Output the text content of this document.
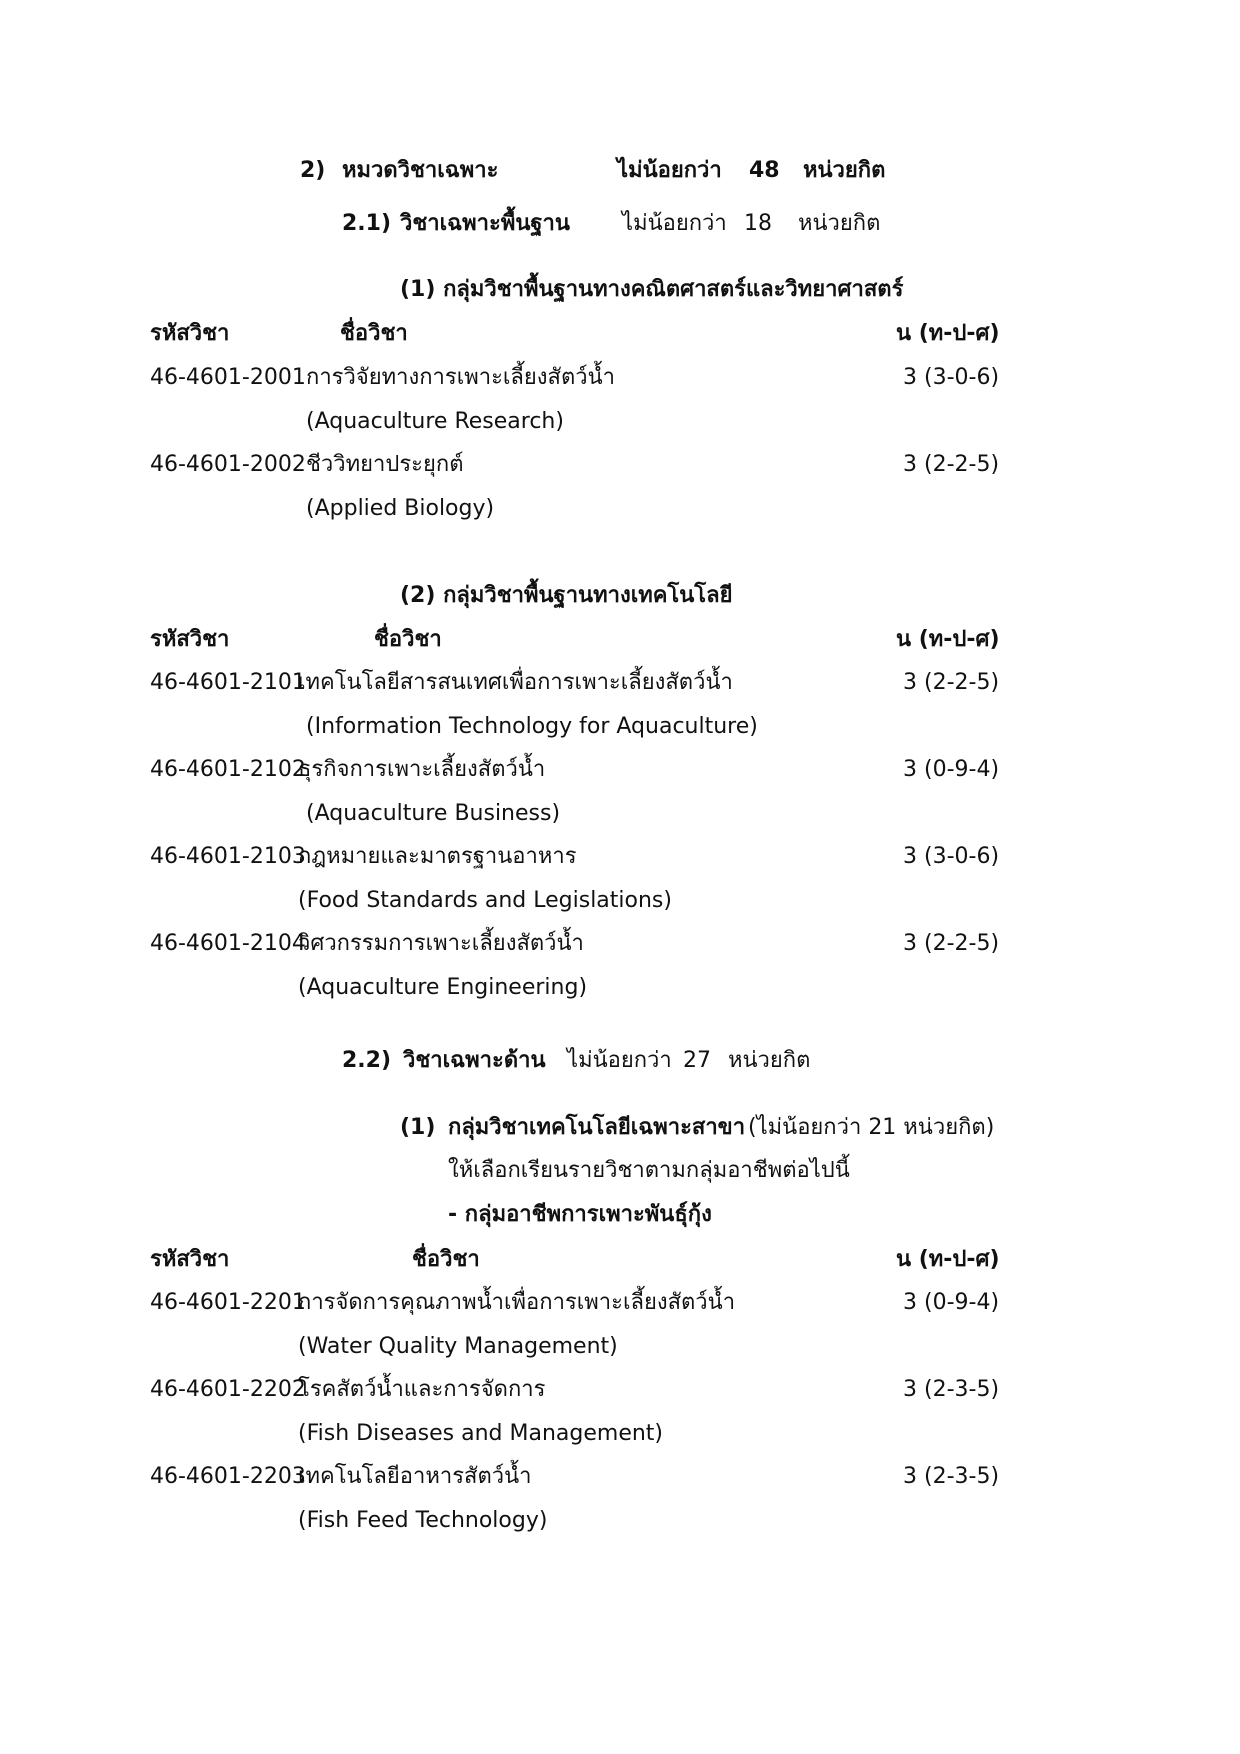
2) หมวดวิชาเฉพาะ	ไม่น้อยกว่า 48 หน่วยกิต
2.1) วิชาเฉพาะพื้นฐาน ไม่น้อยกว่า 18 หน่วยกิต
(1) กลุ่มวิชาพื้นฐานทางคณิตศาสตร์และวิทยาศาสตร์
รหัสวิชา	ชื่อวิชา	น (ท-ป-ศ)
46-4601-2001 การวิจัยทางการเพาะเลี้ยงสัตว์น้ำ	3 (3-0-6)
(Aquaculture Research)
46-4601-2002 ชีววิทยาประยุกต์	3 (2-2-5)
(Applied Biology)
(2) กลุ่มวิชาพื้นฐานทางเทคโนโลยี
รหัสวิชา	ชื่อวิชา	น (ท-ป-ศ)
46-4601-2101
เทคโนโลยีสารสนเทศเพื่อการเพาะเลี้ยงสัตว์น้ำ	3 (2-2-5)
(Information Technology for Aquaculture)
46-4601-2102
ธุรกิจการเพาะเลี้ยงสัตว์น้ำ	3 (0-9-4)
(Aquaculture Business)
46-4601-2103
กฎหมายและมาตรฐานอาหาร	3 (3-0-6)
(Food Standards and Legislations)
46-4601-2104
วิศวกรรมการเพาะเลี้ยงสัตว์น้ำ	3 (2-2-5)
(Aquaculture Engineering)
2.2) วิชาเฉพาะด้าน ไม่น้อยกว่า 27 หน่วยกิต
(1) กลุ่มวิชาเทคโนโลยีเฉพาะสาขา (ไม่น้อยกว่า 21 หน่วยกิต)
ให้เลือกเรียนรายวิชาตามกลุ่มอาชีพต่อไปนี้
- กลุ่มอาชีพการเพาะพันธุ์กุ้ง
รหัสวิชา	ชื่อวิชา	น (ท-ป-ศ)
46-4601-2201
การจัดการคุณภาพน้ำเพื่อการเพาะเลี้ยงสัตว์น้ำ	3 (0-9-4)
(Water Quality Management)
46-4601-2202
โรคสัตว์น้ำและการจัดการ	3 (2-3-5)
(Fish Diseases and Management)
46-4601-2203
เทคโนโลยีอาหารสัตว์น้ำ	3 (2-3-5)
(Fish Feed Technology)
